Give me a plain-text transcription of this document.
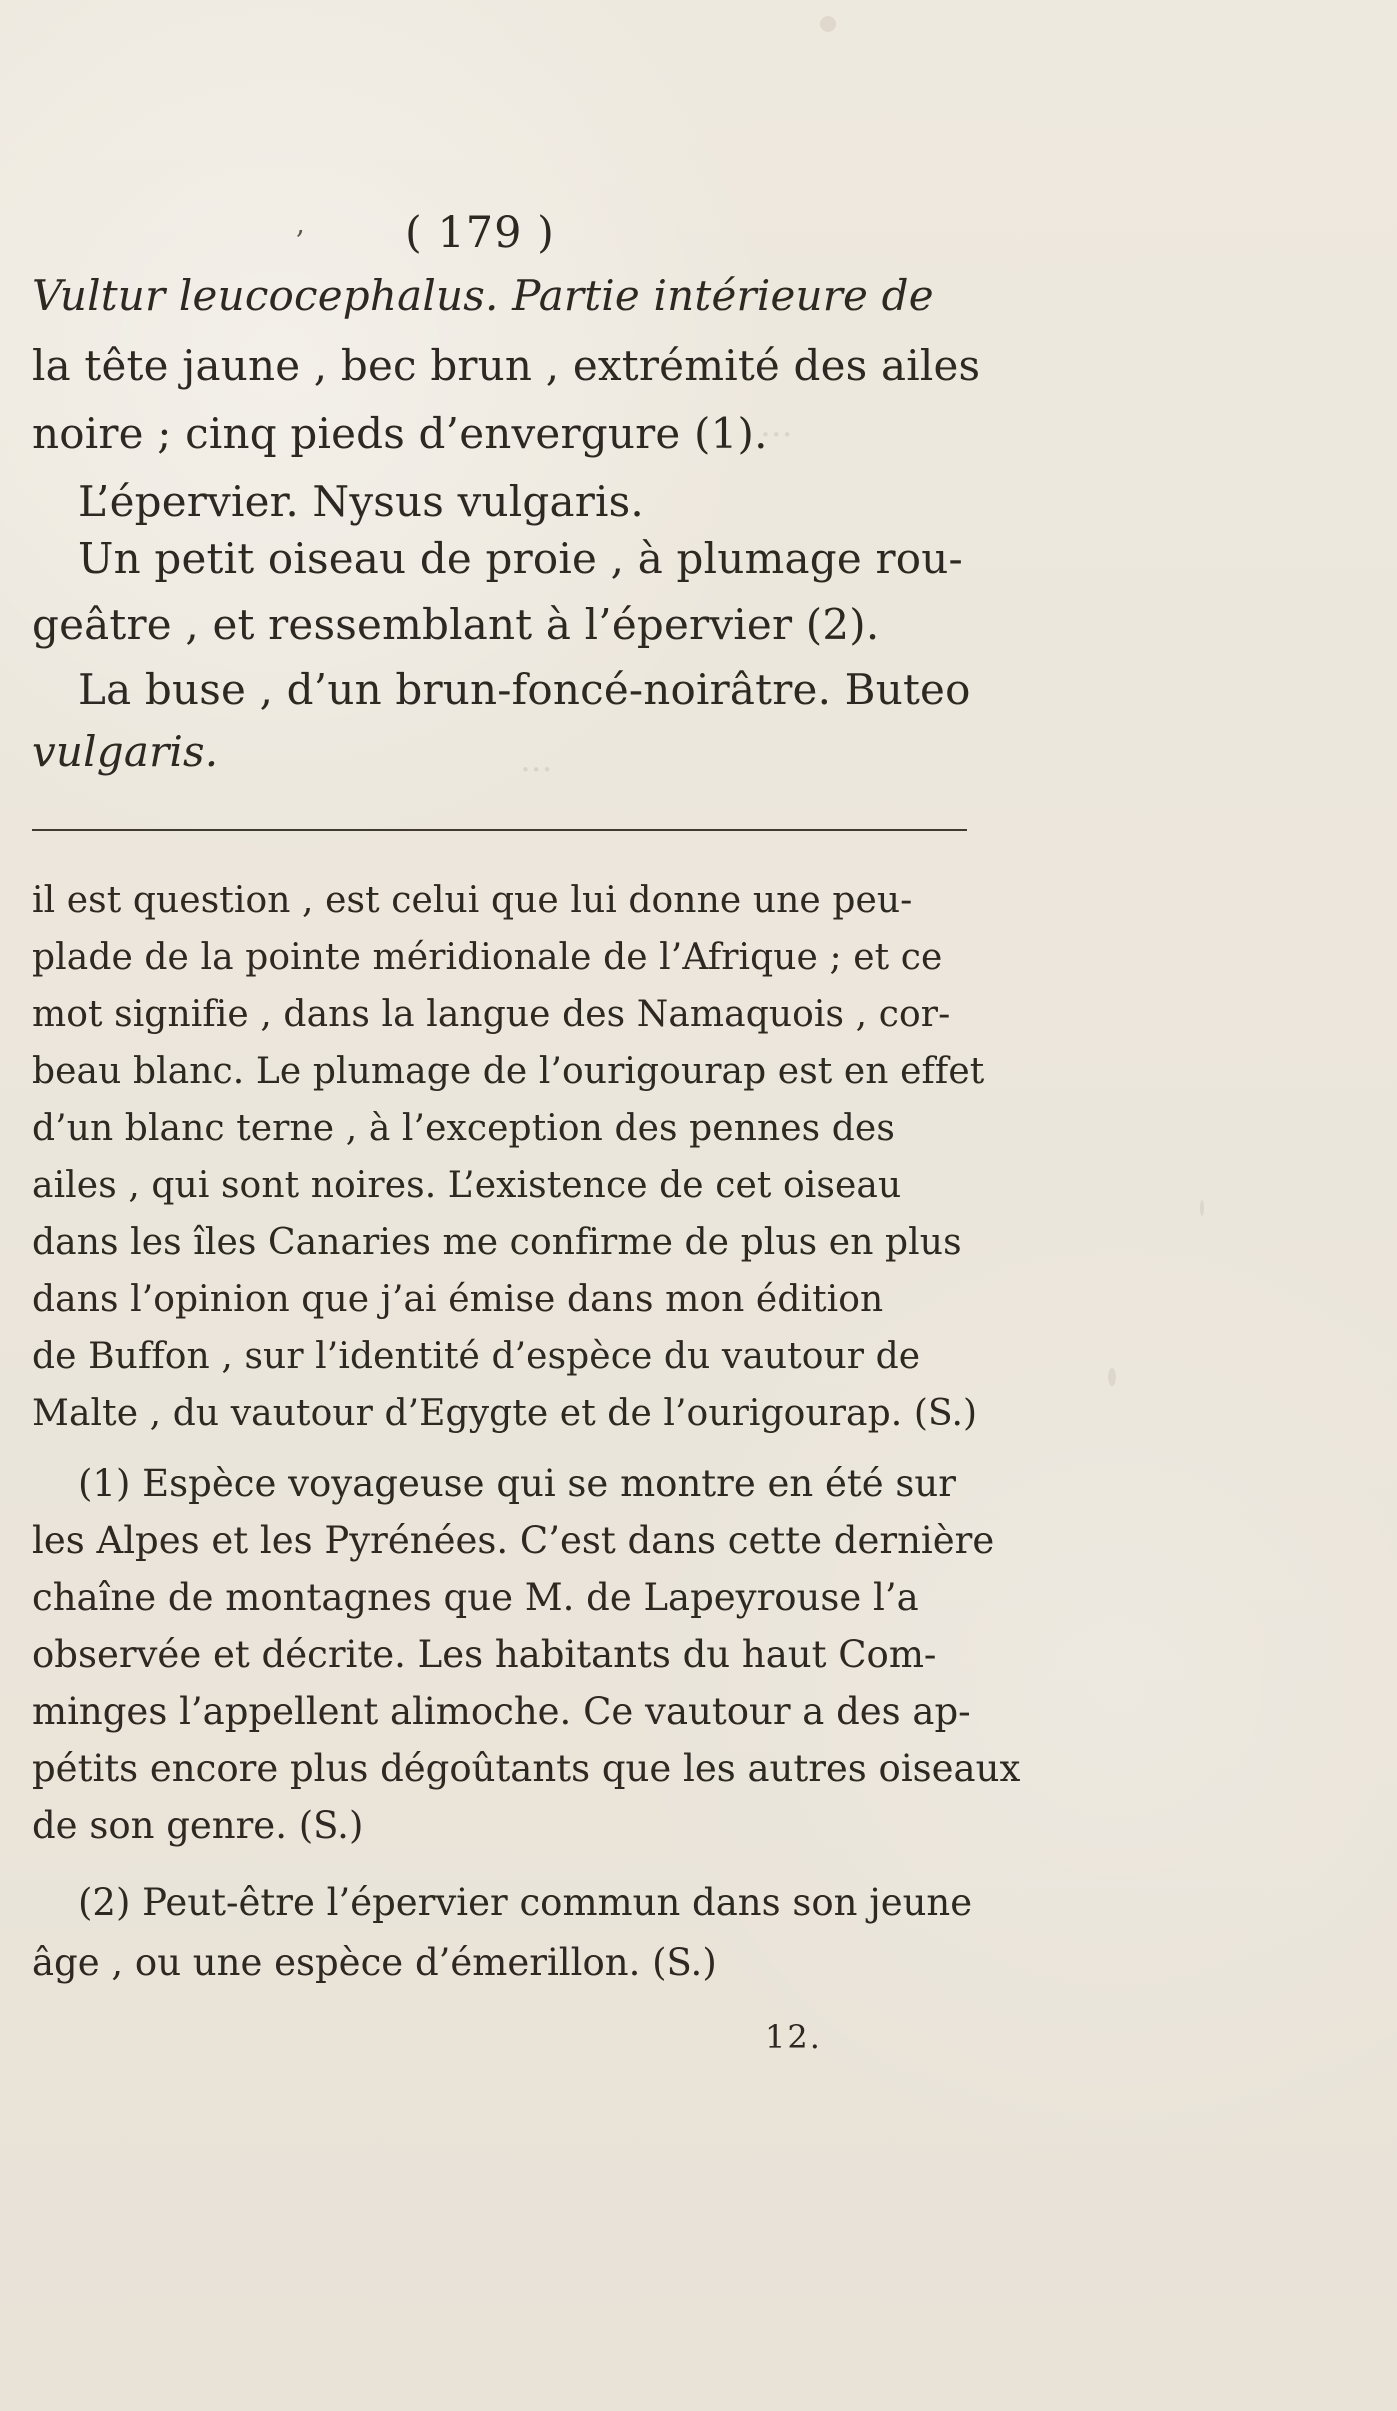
...
...
, ( 179 )
Vultur leucocephalus. Partie intérieure de
la tête jaune , bec brun , extrémité des ailes
noire ; cinq pieds d’envergure (1).
L’épervier. Nysus vulgaris.
Un petit oiseau de proie , à plumage rou-
geâtre , et ressemblant à l’épervier (2).
La buse , d’un brun-foncé-noirâtre. Buteo
vulgaris.
il est question , est celui que lui donne une peu-
plade de la pointe méridionale de l’Afrique ; et ce
mot signifie , dans la langue des Namaquois , cor-
beau blanc. Le plumage de l’ourigourap est en effet
d’un blanc terne , à l’exception des pennes des
ailes , qui sont noires. L’existence de cet oiseau
dans les îles Canaries me confirme de plus en plus
dans l’opinion que j’ai émise dans mon édition
de Buffon , sur l’identité d’espèce du vautour de
Malte , du vautour d’Egygte et de l’ourigourap. (S.)
(1) Espèce voyageuse qui se montre en été sur
les Alpes et les Pyrénées. C’est dans cette dernière
chaîne de montagnes que M. de Lapeyrouse l’a
observée et décrite. Les habitants du haut Com-
minges l’appellent alimoche. Ce vautour a des ap-
pétits encore plus dégoûtants que les autres oiseaux
de son genre. (S.)
(2) Peut-être l’épervier commun dans son jeune
âge , ou une espèce d’émerillon. (S.)
12.
